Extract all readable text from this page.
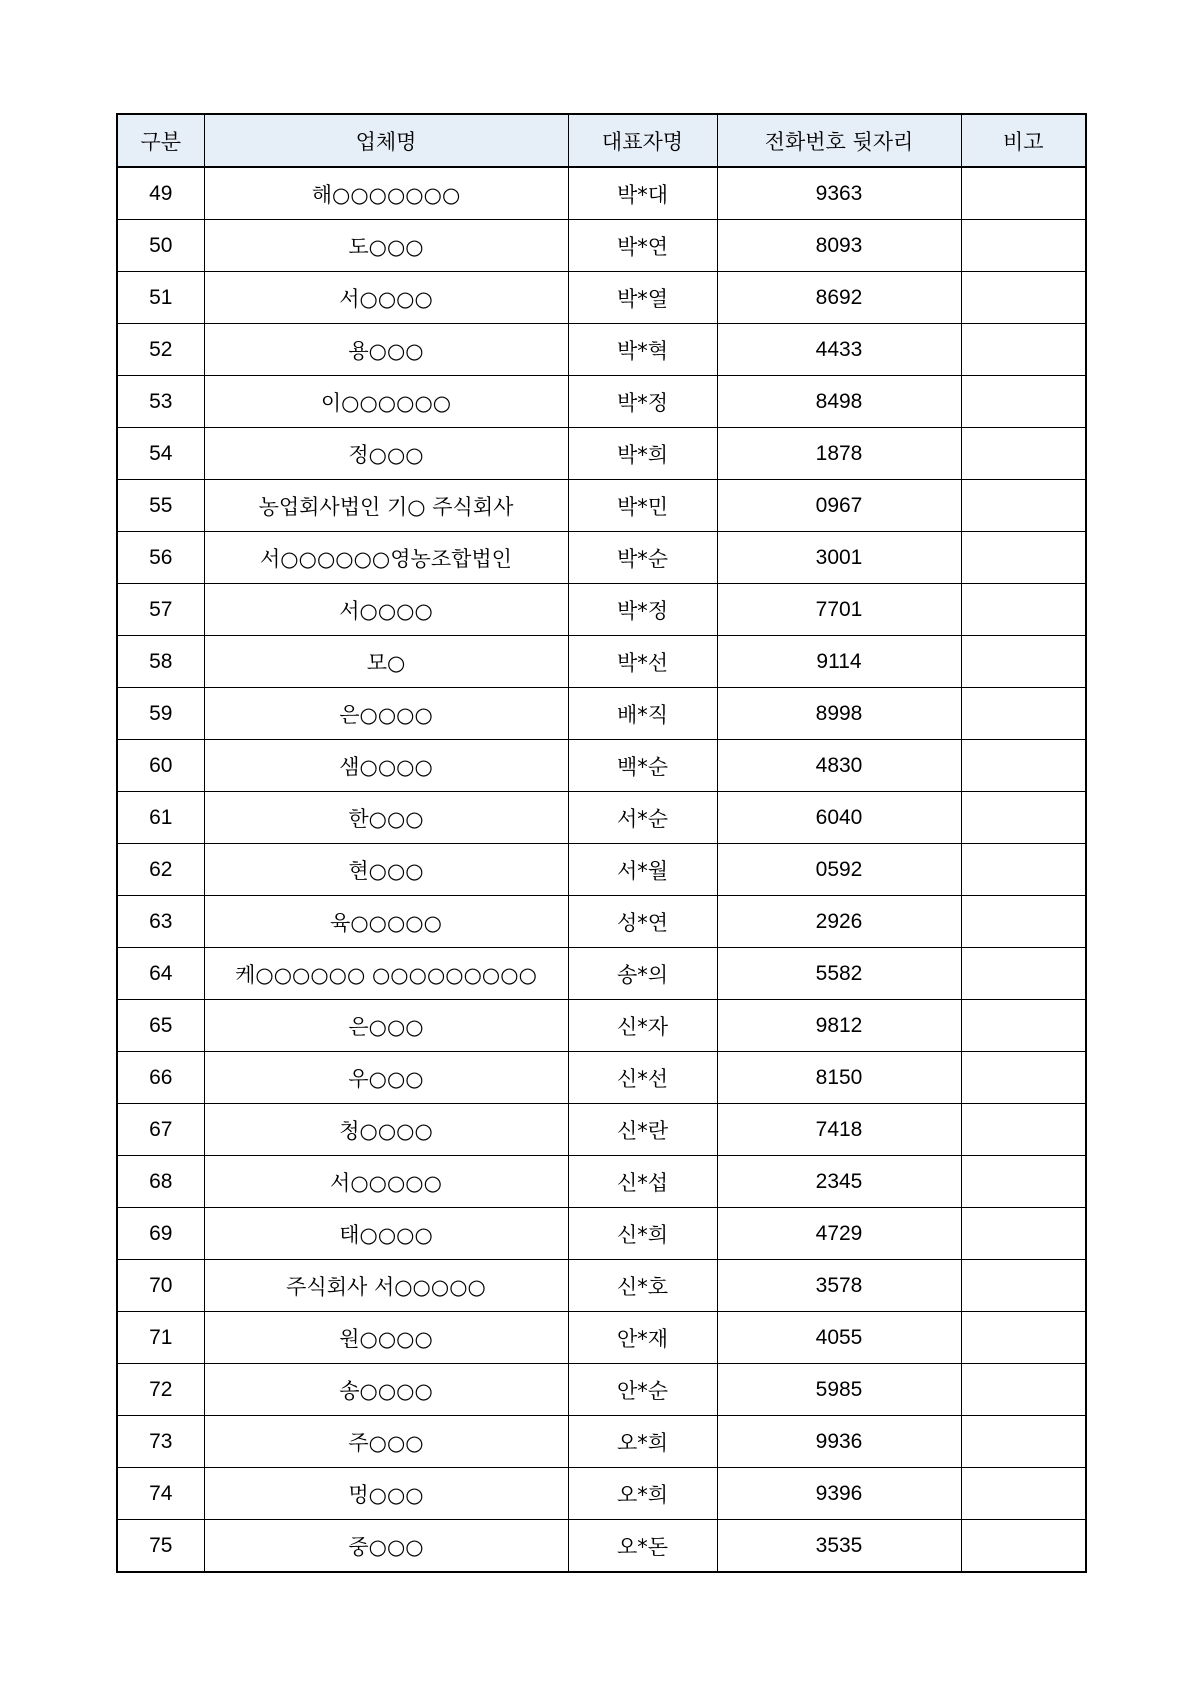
구분	업체명	대표자명	전화번호 뒷자리	비고
49	해○○○○○○○	박*대	9363	
50	도○○○	박*연	8093	
51	서○○○○	박*열	8692	
52	용○○○	박*혁	4433	
53	이○○○○○○	박*정	8498	
54	정○○○	박*희	1878	
55	농업회사법인 기○ 주식회사	박*민	0967	
56	서○○○○○○영농조합법인	박*순	3001	
57	서○○○○	박*정	7701	
58	모○	박*선	9114	
59	은○○○○	배*직	8998	
60	샘○○○○	백*순	4830	
61	한○○○	서*순	6040	
62	현○○○	서*월	0592	
63	육○○○○○	성*연	2926	
64	케○○○○○○ ○○○○○○○○○	송*의	5582	
65	은○○○	신*자	9812	
66	우○○○	신*선	8150	
67	청○○○○	신*란	7418	
68	서○○○○○	신*섭	2345	
69	태○○○○	신*희	4729	
70	주식회사 서○○○○○	신*호	3578	
71	원○○○○	안*재	4055	
72	송○○○○	안*순	5985	
73	주○○○	오*희	9936	
74	멍○○○	오*희	9396	
75	중○○○	오*돈	3535	
